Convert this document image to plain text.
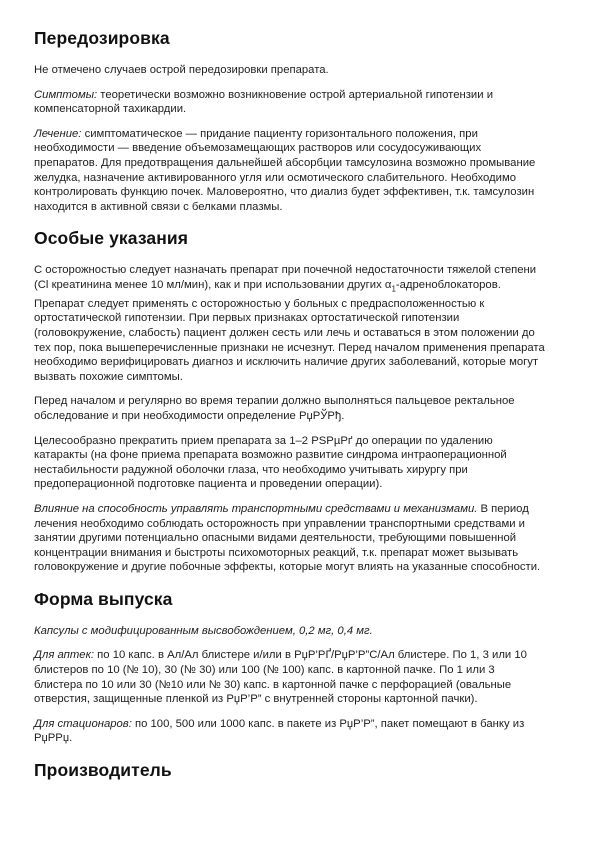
Передозировка

Не отмечено случаев острой передозировки препарата.

Симптомы: теоретически возможно возникновение острой артериальной гипотензии и компенсаторной тахикардии.

Лечение: симптоматическое — придание пациенту горизонтального положения, при необходимости — введение объемозамещающих растворов или сосудосуживающих препаратов. Для предотвращения дальнейшей абсорбции тамсулозина возможно промывание желудка, назначение активированного угля или осмотического слабительного. Необходимо контролировать функцию почек. Маловероятно, что диализ будет эффективен, т.к. тамсулозин находится в активной связи с белками плазмы.

Особые указания

С осторожностью следует назначать препарат при почечной недостаточности тяжелой степени (Cl креатинина менее 10 мл/мин), как и при использовании других $\alpha_1$-адреноблокаторов. Препарат следует применять с осторожностью у больных с предрасположенностью к ортостатической гипотензии. При первых признаках ортостатической гипотензии (головокружение, слабость) пациент должен сесть или лечь и оставаться в этом положении до тех пор, пока вышеперечисленные признаки не исчезнут. Перед началом применения препарата необходимо верифицировать диагноз и исключить наличие других заболеваний, которые могут вызвать похожие симптомы.

Перед началом и регулярно во время терапии должно выполняться пальцевое ректальное обследование и при необходимости определение РџРЎРђ.

Целесообразно прекратить прием препарата за 1–2 РЅРµРґ до операции по удалению катаракты (на фоне приема препарата возможно развитие синдрома интраоперационной нестабильности радужной оболочки глаза, что необходимо учитывать хирургу при предоперационной подготовке пациента и проведении операции).

Влияние на способность управлять транспортными средствами и механизмами. В период лечения необходимо соблюдать осторожность при управлении транспортными средствами и занятии другими потенциально опасными видами деятельности, требующими повышенной концентрации внимания и быстроты психомоторных реакций, т.к. препарат может вызывать головокружение и другие побочные эффекты, которые могут влиять на указанные способности.

Форма выпуска

Капсулы с модифицированным высвобождением, 0,2 мг, 0,4 мг.

Для аптек: по 10 капс. в Ал/Ал блистере и/или в РџР’РҐ/РџР’Р”С/Ал блистере. По 1, 3 или 10 блистеров по 10 (№ 10), 30 (№ 30) или 100 (№ 100) капс. в картонной пачке. По 1 или 3 блистера по 10 или 30 (№10 или № 30) капс. в картонной пачке с перфорацией (овальные отверстия, защищенные пленкой из РџР’Р” с внутренней стороны картонной пачки).

Для стационаров: по 100, 500 или 1000 капс. в пакете из РџР’Р”, пакет помещают в банку из РџРРџ.

Производитель
